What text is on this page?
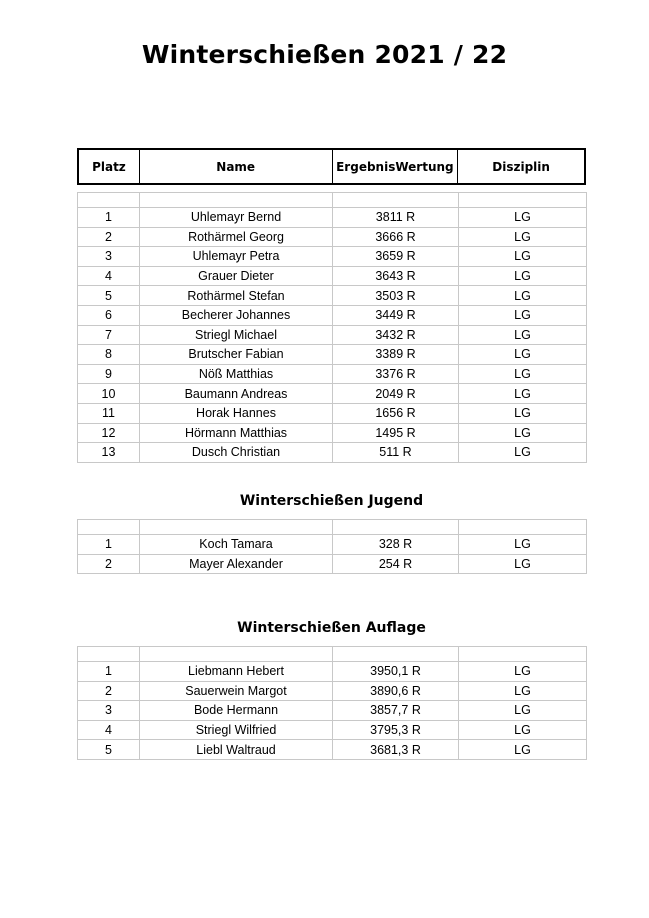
Winterschießen 2021 / 22
Platz	Name	Ergebnis Wertung	Disziplin

1	Uhlemayr Bernd	3811 R	LG
2	Rothärmel Georg	3666 R	LG
3	Uhlemayr Petra	3659 R	LG
4	Grauer Dieter	3643 R	LG
5	Rothärmel Stefan	3503 R	LG
6	Becherer Johannes	3449 R	LG
7	Striegl Michael	3432 R	LG
8	Brutscher Fabian	3389 R	LG
9	Nöß Matthias	3376 R	LG
10	Baumann Andreas	2049 R	LG
11	Horak Hannes	1656 R	LG
12	Hörmann Matthias	1495 R	LG
13	Dusch Christian	511 R	LG
Winterschießen Jugend

1	Koch Tamara	328 R	LG
2	Mayer Alexander	254 R	LG
Winterschießen Auflage

1	Liebmann Hebert	3950,1 R	LG
2	Sauerwein Margot	3890,6 R	LG
3	Bode Hermann	3857,7 R	LG
4	Striegl Wilfried	3795,3 R	LG
5	Liebl Waltraud	3681,3 R	LG
